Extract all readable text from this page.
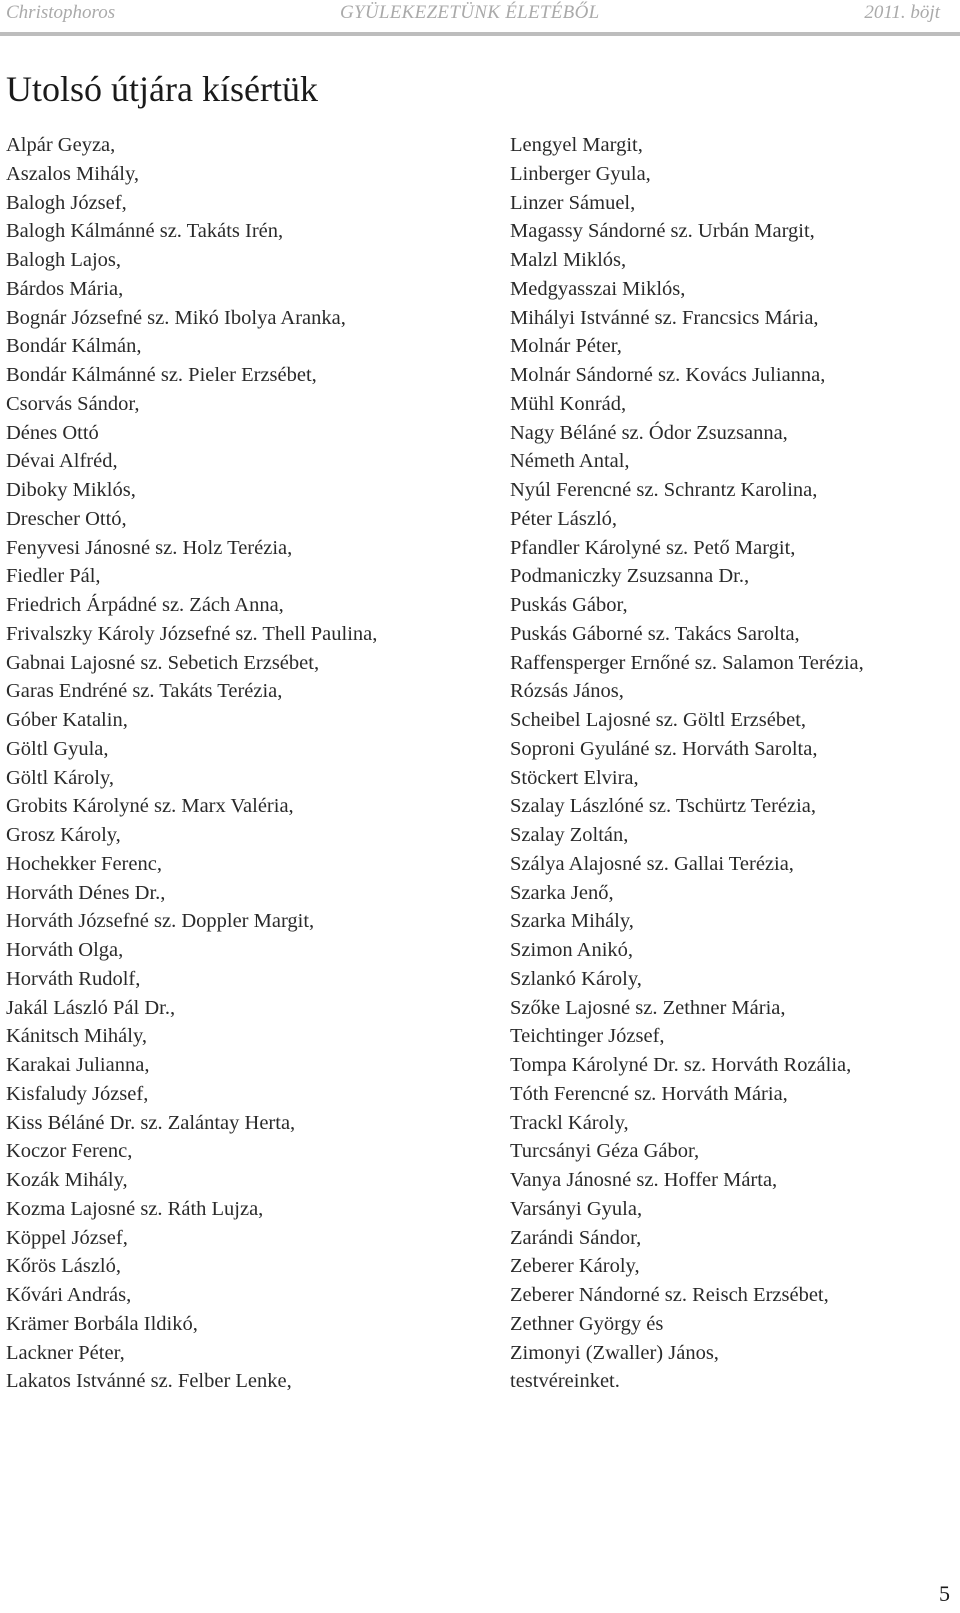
Christophoros	GYÜLEKEZETÜNK ÉLETÉBŐL	2011. böjt
Utolsó útjára kísértük
Alpár Geyza,
Aszalos Mihály,
Balogh József,
Balogh Kálmánné sz. Takáts Irén,
Balogh Lajos,
Bárdos Mária,
Bognár Józsefné sz. Mikó Ibolya Aranka,
Bondár Kálmán,
Bondár Kálmánné sz. Pieler Erzsébet,
Csorvás Sándor,
Dénes Ottó
Dévai Alfréd,
Diboky Miklós,
Drescher Ottó,
Fenyvesi Jánosné sz. Holz Terézia,
Fiedler Pál,
Friedrich Árpádné sz. Zách Anna,
Frivalszky Károly Józsefné sz. Thell Paulina,
Gabnai Lajosné sz. Sebetich Erzsébet,
Garas Endréné sz. Takáts Terézia,
Góber Katalin,
Göltl Gyula,
Göltl Károly,
Grobits Károlyné sz. Marx Valéria,
Grosz Károly,
Hochekker Ferenc,
Horváth Dénes Dr.,
Horváth Józsefné sz. Doppler Margit,
Horváth Olga,
Horváth Rudolf,
Jakál László Pál Dr.,
Kánitsch Mihály,
Karakai Julianna,
Kisfaludy József,
Kiss Béláné Dr. sz. Zalántay Herta,
Koczor Ferenc,
Kozák Mihály,
Kozma Lajosné sz. Ráth Lujza,
Köppel József,
Kőrös László,
Kővári András,
Krämer Borbála Ildikó,
Lackner Péter,
Lakatos Istvánné sz. Felber Lenke,
Lengyel Margit,
Linberger Gyula,
Linzer Sámuel,
Magassy Sándorné sz. Urbán Margit,
Malzl Miklós,
Medgyasszai Miklós,
Mihályi Istvánné sz. Francsics Mária,
Molnár Péter,
Molnár Sándorné sz. Kovács Julianna,
Mühl Konrád,
Nagy Béláné sz. Ódor Zsuzsanna,
Németh Antal,
Nyúl Ferencné sz. Schrantz Karolina,
Péter László,
Pfandler Károlyné sz. Pető Margit,
Podmaniczky Zsuzsanna Dr.,
Puskás Gábor,
Puskás Gáborné sz. Takács Sarolta,
Raffensperger Ernőné sz. Salamon Terézia,
Rózsás János,
Scheibel Lajosné sz. Göltl Erzsébet,
Soproni Gyuláné sz. Horváth Sarolta,
Stöckert Elvira,
Szalay Lászlóné sz. Tschürtz Terézia,
Szalay Zoltán,
Szálya Alajosné sz. Gallai Terézia,
Szarka Jenő,
Szarka Mihály,
Szimon Anikó,
Szlankó Károly,
Szőke Lajosné sz. Zethner Mária,
Teichtinger József,
Tompa Károlyné Dr. sz. Horváth Rozália,
Tóth Ferencné sz. Horváth Mária,
Trackl Károly,
Turcsányi Géza Gábor,
Vanya Jánosné sz. Hoffer Márta,
Varsányi Gyula,
Zarándi Sándor,
Zeberer Károly,
Zeberer Nándorné sz. Reisch Erzsébet,
Zethner György és
Zimonyi (Zwaller) János,
testvéreinket.
5
